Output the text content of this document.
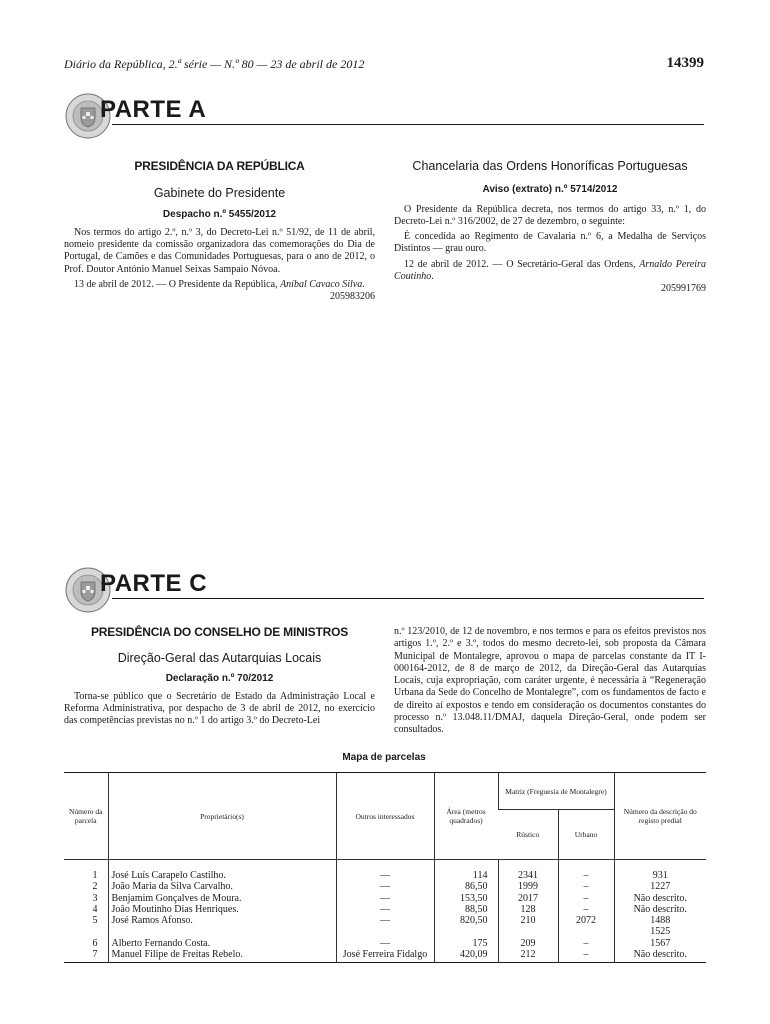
Diário da República, 2.ª série — N.º 80 — 23 de abril de 2012	14399
PARTE A
PRESIDÊNCIA DA REPÚBLICA
Gabinete do Presidente
Despacho n.º 5455/2012

Nos termos do artigo 2.º, n.º 3, do Decreto-Lei n.º 51/92, de 11 de abril, nomeio presidente da comissão organizadora das comemorações do Dia de Portugal, de Camões e das Comunidades Portuguesas, para o ano de 2012, o Prof. Doutor António Manuel Seixas Sampaio Nóvoa.

13 de abril de 2012. — O Presidente da República, Aníbal Cavaco Silva.

205983206

Chancelaria das Ordens Honoríficas Portuguesas
Aviso (extrato) n.º 5714/2012

O Presidente da República decreta, nos termos do artigo 33, n.º 1, do Decreto-Lei n.º 316/2002, de 27 de dezembro, o seguinte:

É concedida ao Regimento de Cavalaria n.º 6, a Medalha de Serviços Distintos — grau ouro.

12 de abril de 2012. — O Secretário-Geral das Ordens, Arnaldo Pereira Coutinho.

205991769

PARTE C
PRESIDÊNCIA DO CONSELHO DE MINISTROS
Direção-Geral das Autarquias Locais
Declaração n.º 70/2012

Torna-se público que o Secretário de Estado da Administração Local e Reforma Administrativa, por despacho de 3 de abril de 2012, no exercício das competências previstas no n.º 1 do artigo 3.º do Decreto-Lei

n.º 123/2010, de 12 de novembro, e nos termos e para os efeitos previstos nos artigos 1.º, 2.º e 3.º, todos do mesmo decreto-lei, sob proposta da Câmara Municipal de Montalegre, aprovou o mapa de parcelas constante da IT I-000164-2012, de 8 de março de 2012, da Direção-Geral das Autarquias Locais, cuja expropriação, com caráter urgente, é necessária à “Regeneração Urbana da Sede do Concelho de Montalegre”, com os fundamentos de facto e de direito aí expostos e tendo em consideração os documentos constantes do processo n.º 13.048.11/DMAJ, daquela Direção-Geral, onde podem ser consultados.

Mapa de parcelas
Número da parcela	Proprietário(s)	Outros interessados	Área (metros quadrados)	Matriz (Freguesia de Montalegre)		Número da descrição do registo predial
				Rústico	Urbano	

1	José Luís Carapelo Castilho.	—	114	2341	–	931
2	João Maria da Silva Carvalho.	—	86,50	1999	–	1227
3	Benjamim Gonçalves de Moura.	—	153,50	2017	–	Não descrito.
4	João Moutinho Dias Henriques.	—	88,50	128	–	Não descrito.
5	José Ramos Afonso.	—	820,50	210	2072	1488
						1525
6	Alberto Fernando Costa.	—	175	209	–	1567
7	Manuel Filipe de Freitas Rebelo.	José Ferreira Fidalgo	420,09	212	–	Não descrito.
